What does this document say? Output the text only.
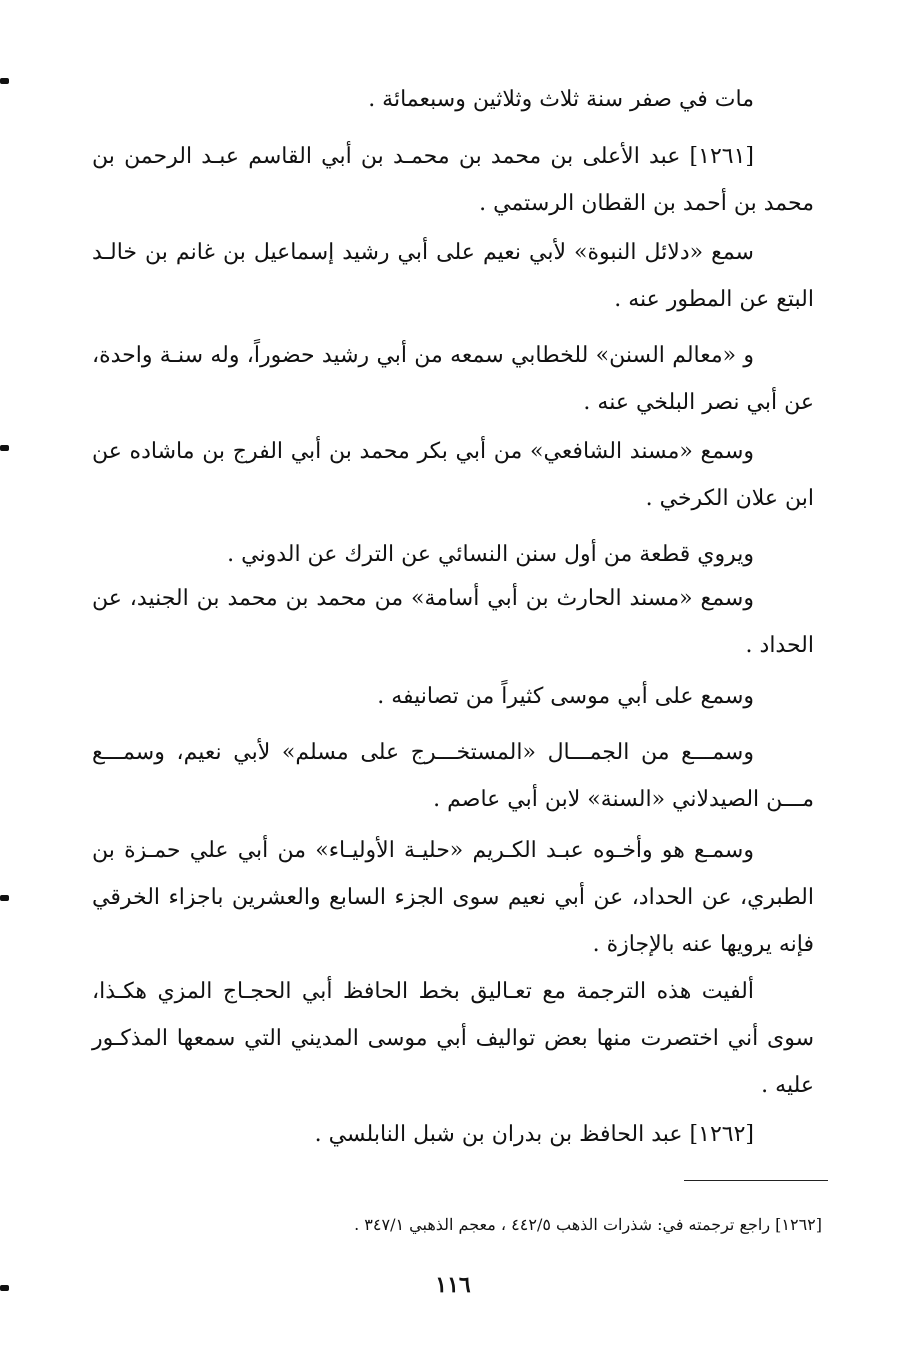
مات في صفر سنة ثلاث وثلاثين وسبعمائة .

[١٢٦١] عبد الأعلى بن محمد بن محمـد بن أبي القاسم عبـد الرحمن بن محمد بن أحمد بن القطان الرستمي .

سمع «دلائل النبوة» لأبي نعيم على أبي رشيد إسماعيل بن غانم بن خالـد البتع عن المطور عنه .

و «معالم السنن» للخطابي سمعه من أبي رشيد حضوراً، وله سنـة واحدة، عن أبي نصر البلخي عنه .

وسمع «مسند الشافعي» من أبي بكر محمد بن أبي الفرج بن ماشاده عن ابن علان الكرخي .

ويروي قطعة من أول سنن النسائي عن الترك عن الدوني .

وسمع «مسند الحارث بن أبي أسامة» من محمد بن محمد بن الجنيد، عن الحداد .

وسمع على أبي موسى كثيراً من تصانيفه .

وسمـــع من الجمـــال «المستخـــرج على مسلم» لأبي نعيم، وسمـــع مـــن الصيدلاني «السنة» لابن أبي عاصم .

وسمـع هو وأخـوه عبـد الكـريم «حليـة الأوليـاء» من أبي علي حمـزة بن الطبري، عن الحداد، عن أبي نعيم سوى الجزء السابع والعشرين باجزاء الخرقي فإنه يرويها عنه بالإجازة .

ألفيت هذه الترجمة مع تعـاليق بخط الحافظ أبي الحجـاج المزي هكـذا، سوى أني اختصرت منها بعض تواليف أبي موسى المديني التي سمعها المذكـور عليه .

[١٢٦٢] عبد الحافظ بن بدران بن شبل النابلسي .

[١٢٦٢] راجع ترجمته في: شذرات الذهب ٤٤٢/٥ ، معجم الذهبي ٣٤٧/١ .
١١٦
